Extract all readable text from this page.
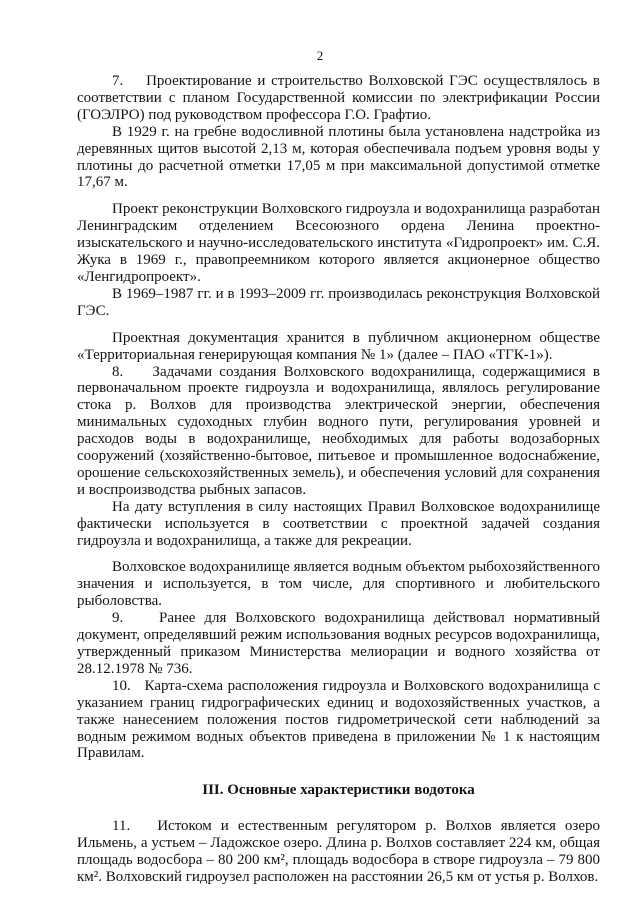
2

7.    Проектирование и строительство Волховской ГЭС осуществлялось в соответствии с планом Государственной комиссии по электрификации России (ГОЭЛРО) под руководством профессора Г.О. Графтио.

В 1929 г. на гребне водосливной плотины была установлена надстройка из деревянных щитов высотой 2,13 м, которая обеспечивала подъем уровня воды у плотины до расчетной отметки 17,05 м при максимальной допустимой отметке 17,67 м.

Проект реконструкции Волховского гидроузла и водохранилища разработан Ленинградским отделением Всесоюзного ордена Ленина проектно-изыскательского и научно-исследовательского института «Гидропроект» им. С.Я. Жука в 1969 г., правопреемником которого является акционерное общество «Ленгидропроект».

В 1969–1987 гг. и в 1993–2009 гг. производилась реконструкция Волховской ГЭС.

Проектная документация хранится в публичном акционерном обществе «Территориальная генерирующая компания № 1» (далее – ПАО «ТГК-1»).

8.    Задачами создания Волховского водохранилища, содержащимися в первоначальном проекте гидроузла и водохранилища, являлось регулирование стока р. Волхов для производства электрической энергии, обеспечения минимальных судоходных глубин водного пути, регулирования уровней и расходов воды в водохранилище, необходимых для работы водозаборных сооружений (хозяйственно-бытовое, питьевое и промышленное водоснабжение, орошение сельскохозяйственных земель), и обеспечения условий для сохранения и воспроизводства рыбных запасов.

На дату вступления в силу настоящих Правил Волховское водохранилище фактически используется в соответствии с проектной задачей создания гидроузла и водохранилища, а также для рекреации.

Волховское водохранилище является водным объектом рыбохозяйственного значения и используется, в том числе, для спортивного и любительского рыболовства.

9.    Ранее для Волховского водохранилища действовал нормативный документ, определявший режим использования водных ресурсов водохранилища, утвержденный приказом Министерства мелиорации и водного хозяйства от 28.12.1978 № 736.

10.   Карта-схема расположения гидроузла и Волховского водохранилища с указанием границ гидрографических единиц и водохозяйственных участков, а также нанесением положения постов гидрометрической сети наблюдений за водным режимом водных объектов приведена в приложении № 1 к настоящим Правилам.

III. Основные характеристики водотока

11.   Истоком и естественным регулятором р. Волхов является озеро Ильмень, а устьем – Ладожское озеро. Длина р. Волхов составляет 224 км, общая площадь водосбора – 80 200 км², площадь водосбора в створе гидроузла – 79 800 км². Волховский гидроузел расположен на расстоянии 26,5 км от устья р. Волхов.
